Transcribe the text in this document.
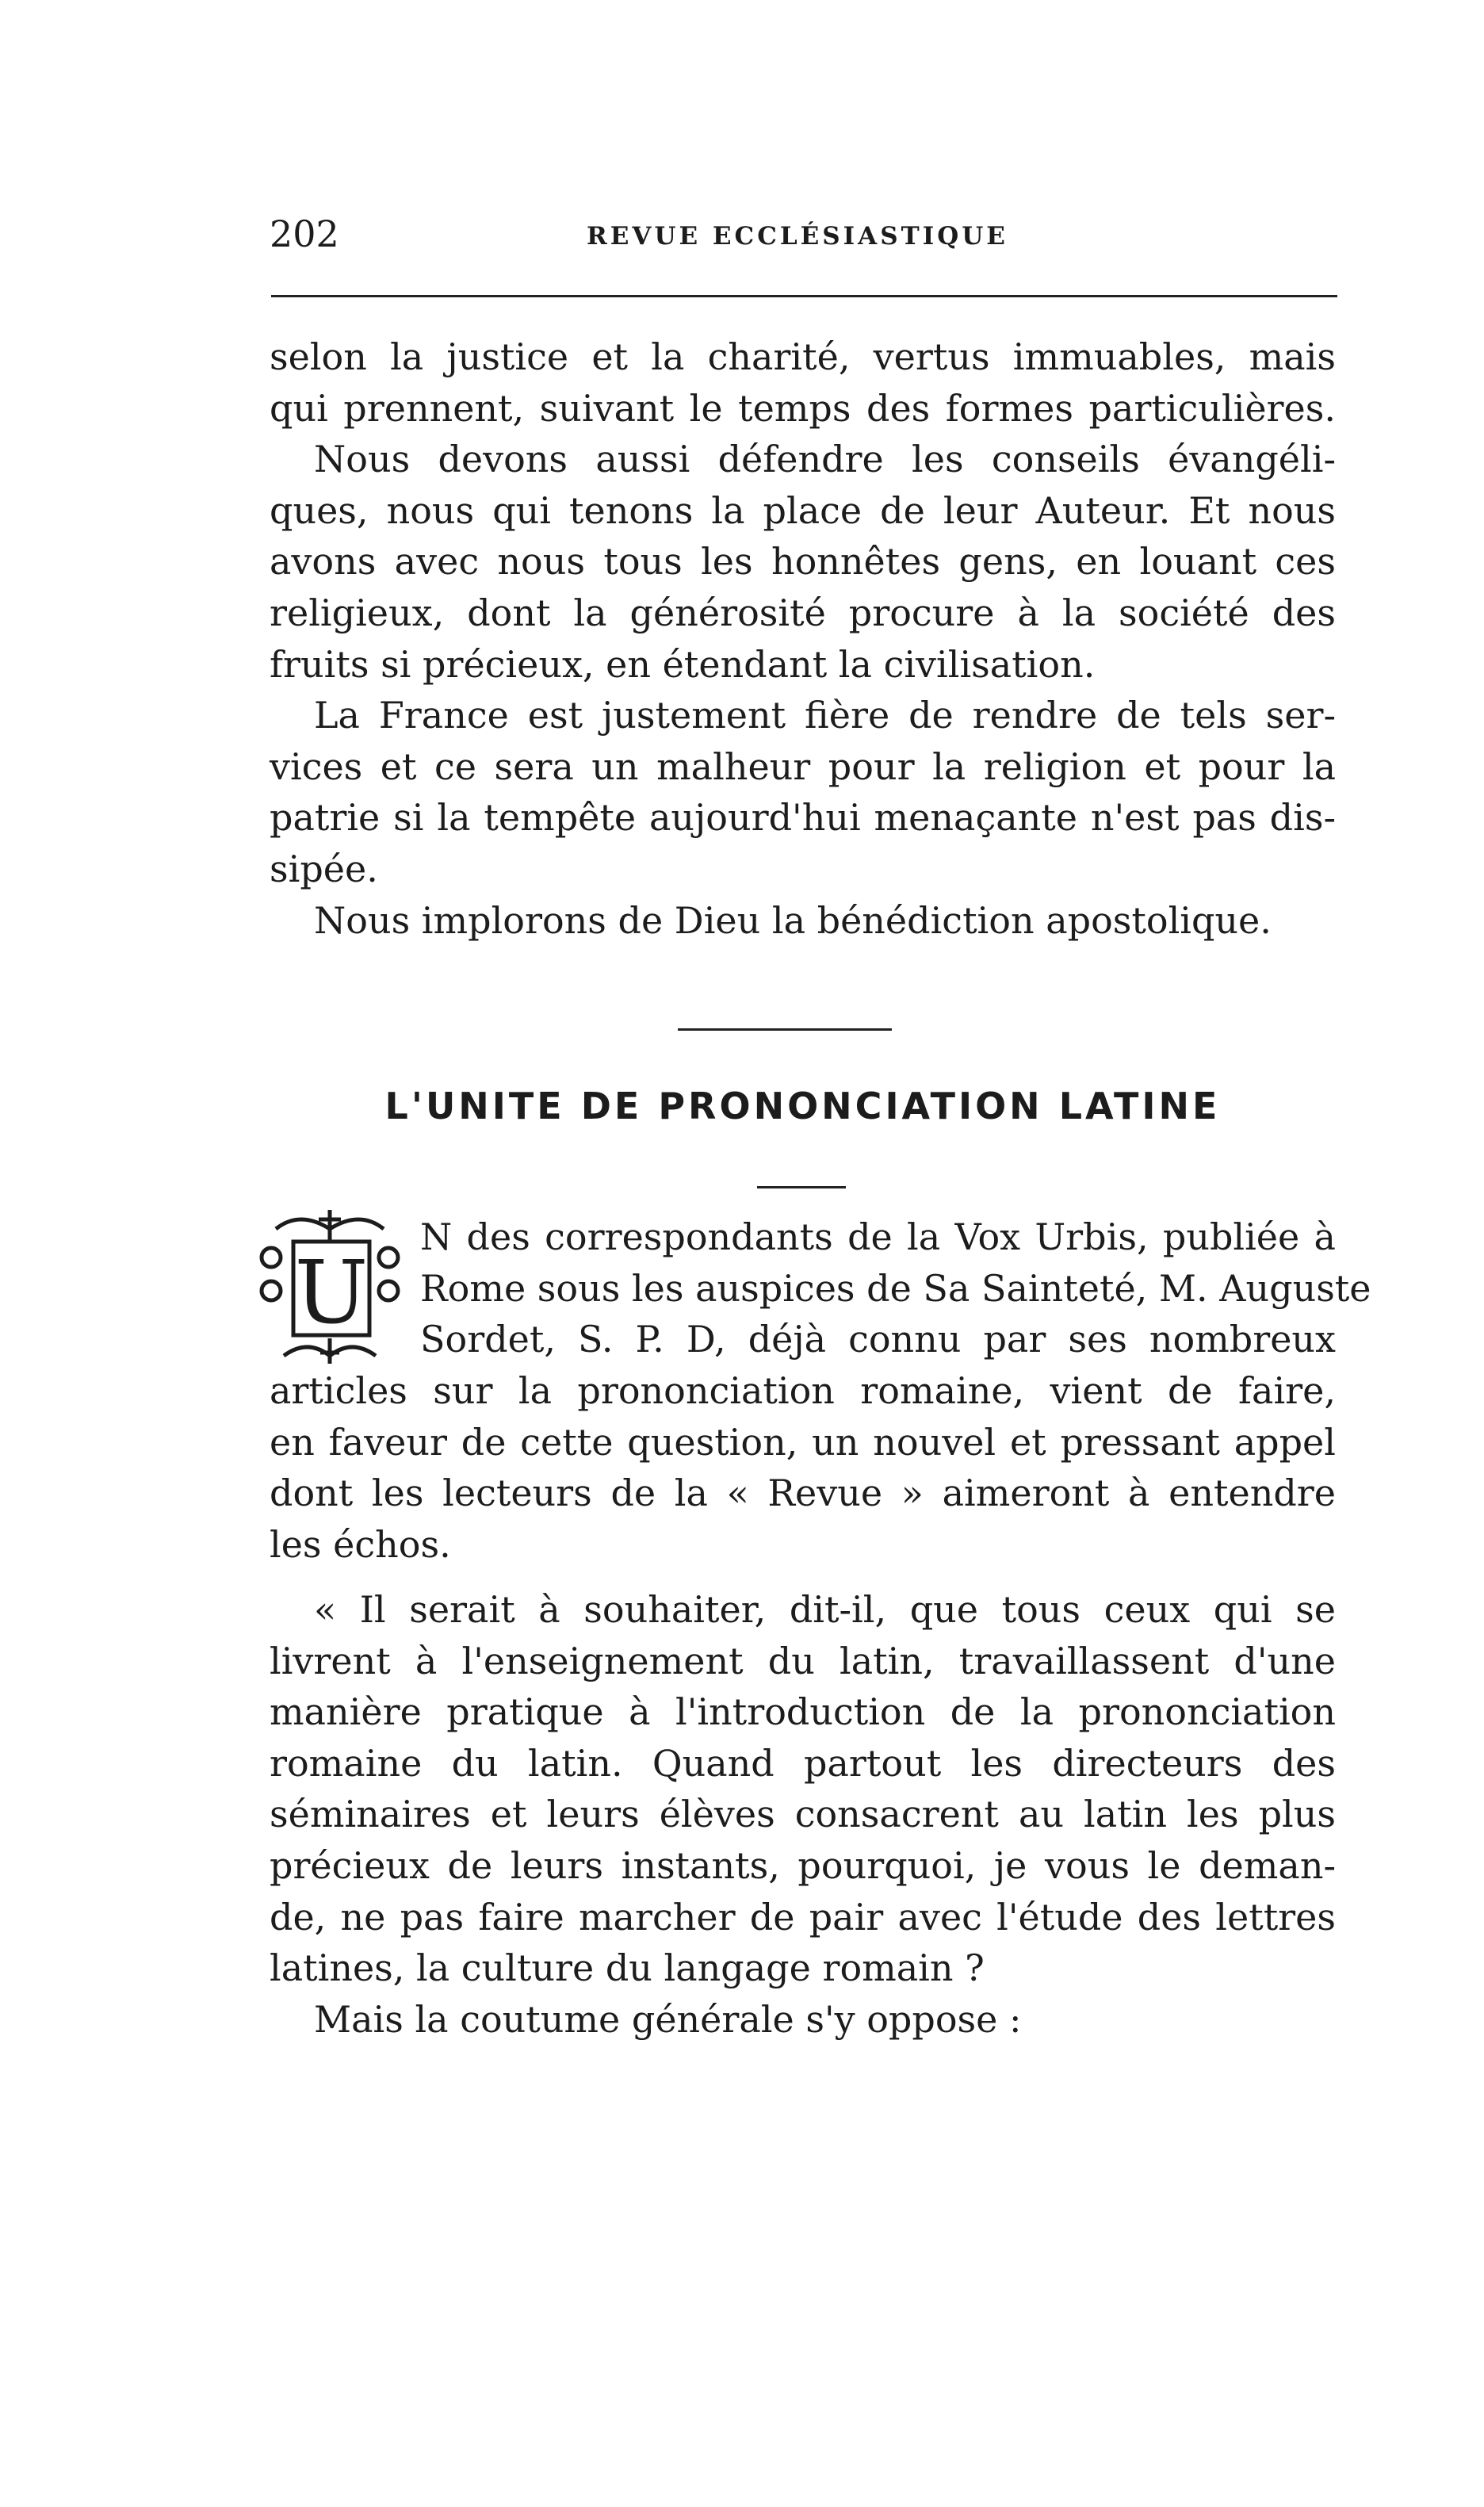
202	REVUE ECCLÉSIASTIQUE
selon la justice et la charité, vertus immuables, mais
qui prennent, suivant le temps des formes particulières.
Nous devons aussi défendre les conseils évangéli-
ques, nous qui tenons la place de leur Auteur. Et nous
avons avec nous tous les honnêtes gens, en louant ces
religieux, dont la générosité procure à la société des
fruits si précieux, en étendant la civilisation.
La France est justement fière de rendre de tels ser-
vices et ce sera un malheur pour la religion et pour la
patrie si la tempête aujourd'hui menaçante n'est pas dis-
sipée.
Nous implorons de Dieu la bénédiction apostolique.
L'UNITE DE PRONONCIATION LATINE
U
N des correspondants de la Vox Urbis, publiée à
Rome sous les auspices de Sa Sainteté, M. Auguste
Sordet, S. P. D, déjà connu par ses nombreux
articles sur la prononciation romaine, vient de faire,
en faveur de cette question, un nouvel et pressant appel
dont les lecteurs de la « Revue » aimeront à entendre
les échos.
« Il serait à souhaiter, dit-il, que tous ceux qui se
livrent à l'enseignement du latin, travaillassent d'une
manière pratique à l'introduction de la prononciation
romaine du latin. Quand partout les directeurs des
séminaires et leurs élèves consacrent au latin les plus
précieux de leurs instants, pourquoi, je vous le deman-
de, ne pas faire marcher de pair avec l'étude des lettres
latines, la culture du langage romain ?
Mais la coutume générale s'y oppose :
